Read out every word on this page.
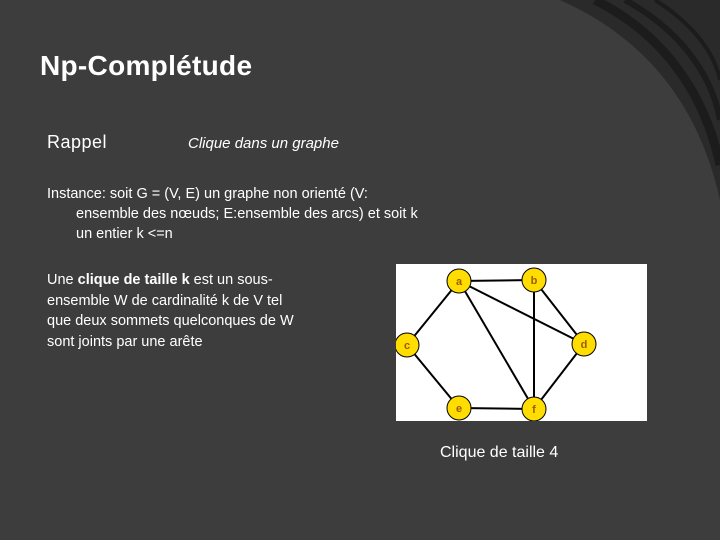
Np-Complétude
Rappel	Clique dans un graphe
Instance: soit G = (V, E) un graphe non orienté (V:
ensemble des nœuds; E:ensemble des arcs) et soit k
un entier k <=n
Une clique de taille k est un sous-
ensemble W de cardinalité k de V tel
que deux sommets quelconques de W
sont joints par une arête
a	b
c	d
e	f
Clique de taille 4
